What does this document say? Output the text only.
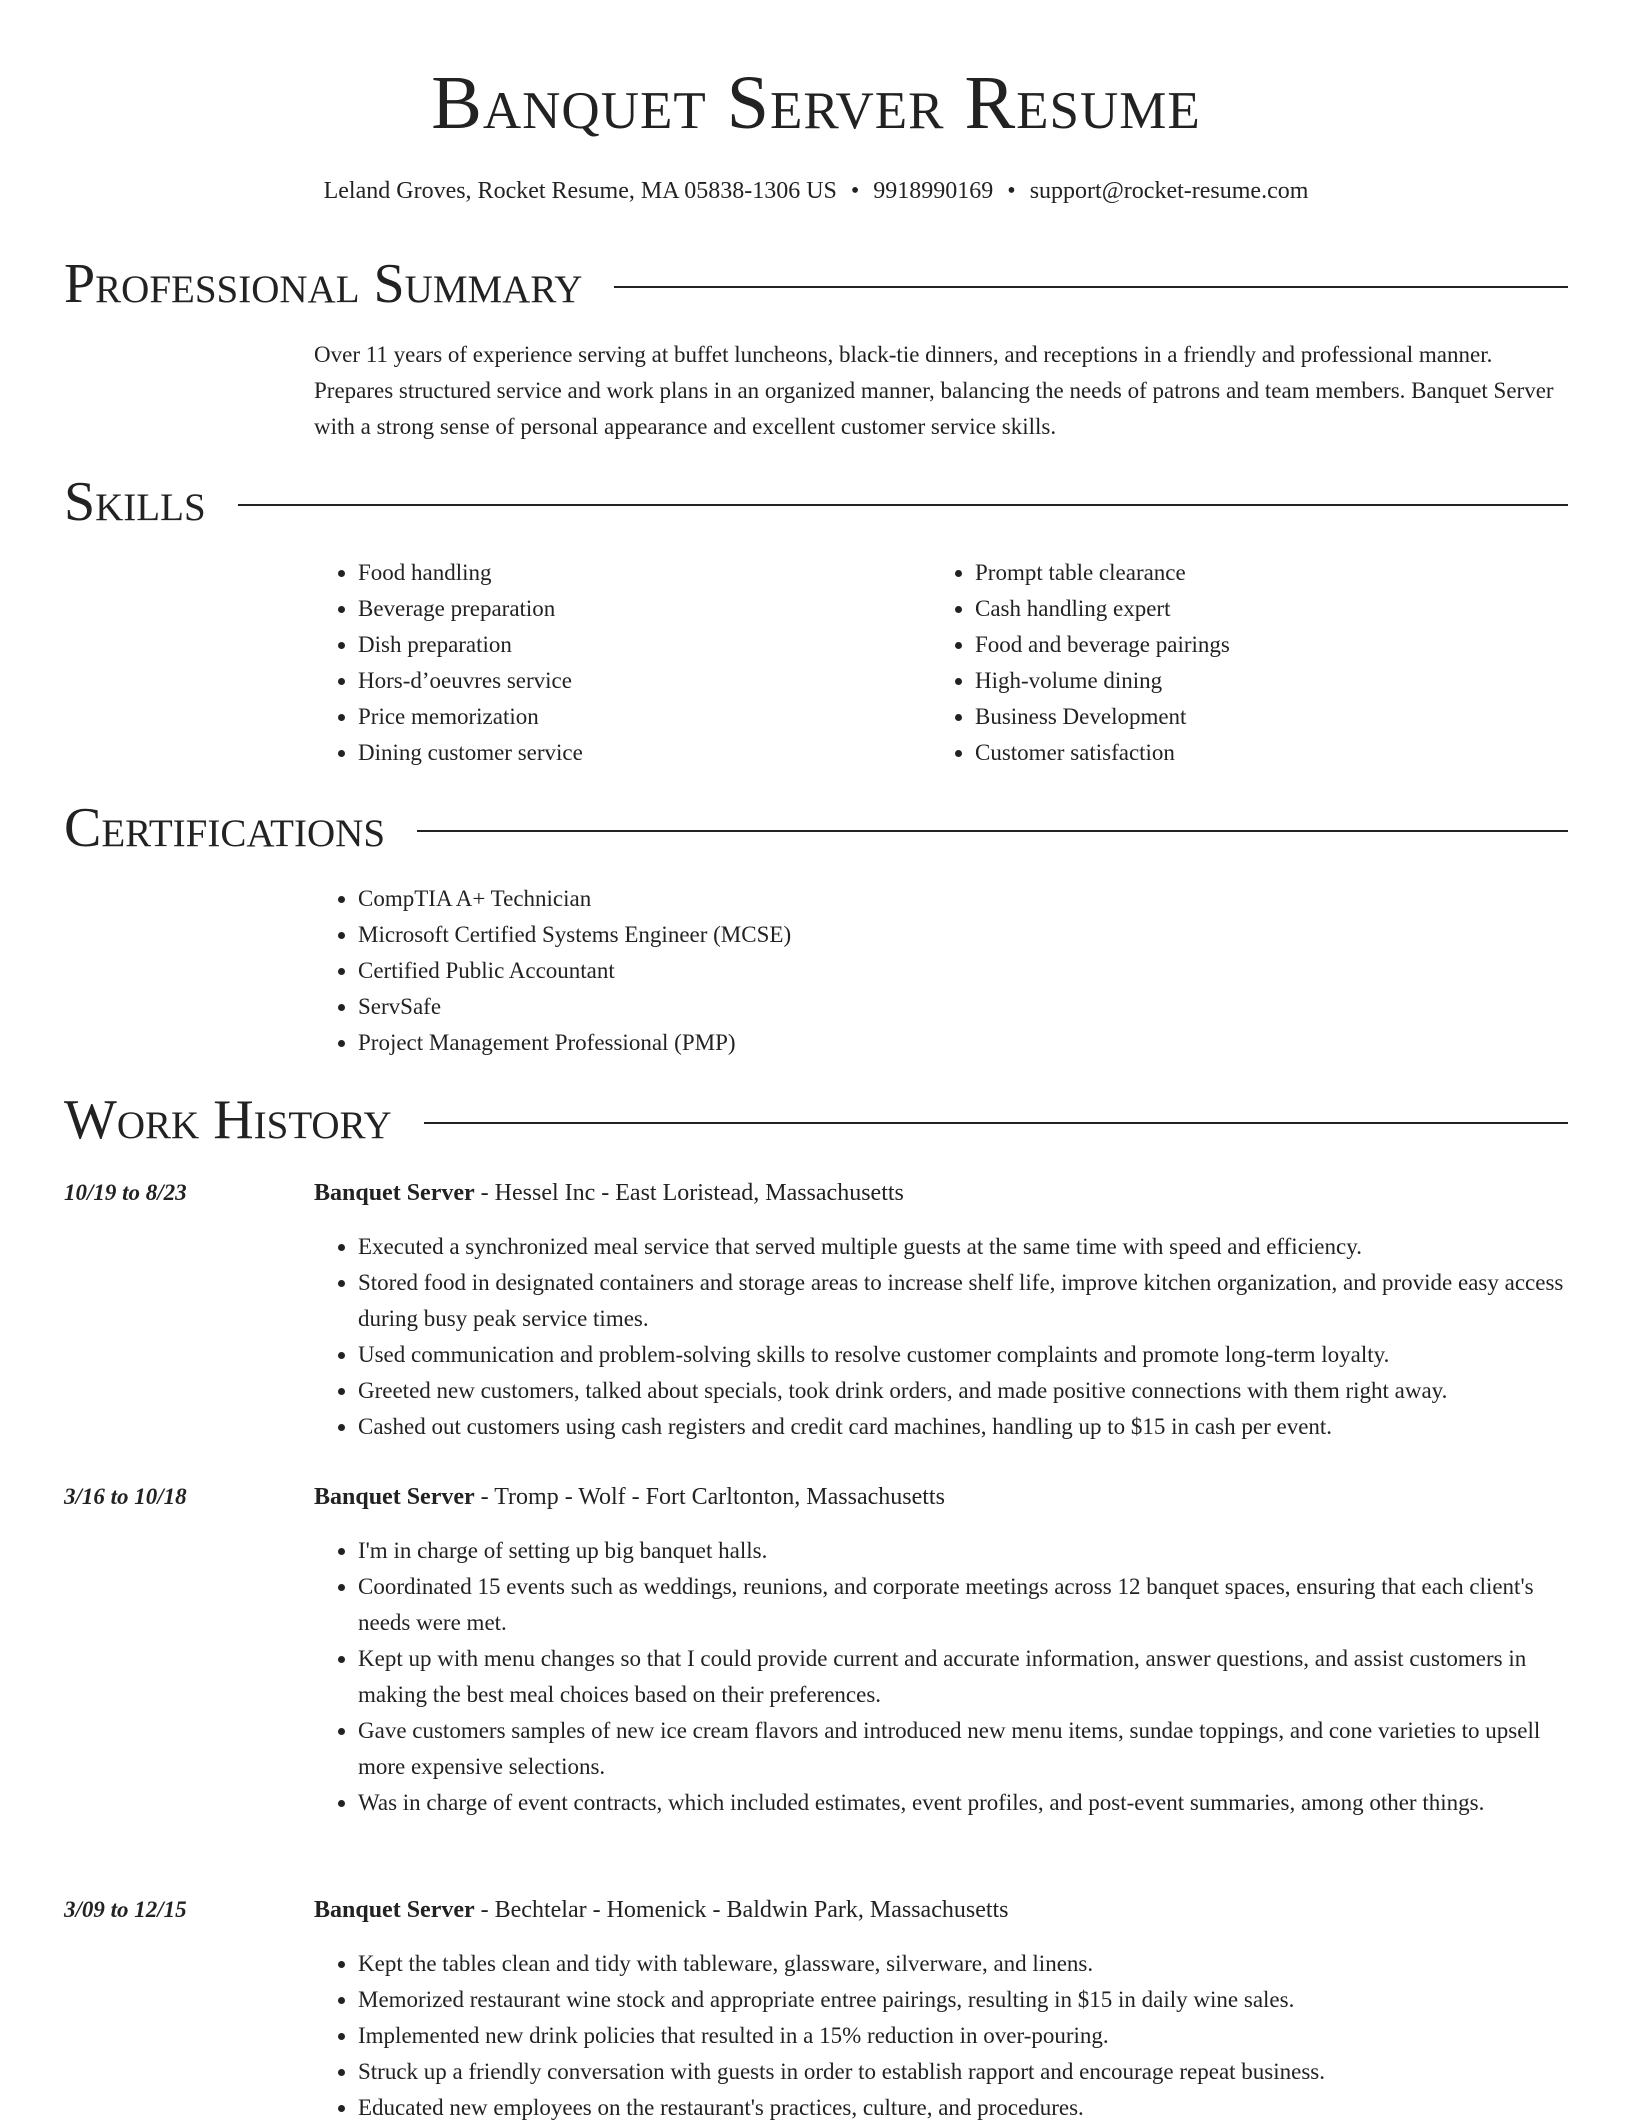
Banquet Server Resume
Leland Groves, Rocket Resume, MA 05838-1306 US • 9918990169 • support@rocket-resume.com
Professional Summary
Over 11 years of experience serving at buffet luncheons, black-tie dinners, and receptions in a friendly and professional manner. Prepares structured service and work plans in an organized manner, balancing the needs of patrons and team members. Banquet Server with a strong sense of personal appearance and excellent customer service skills.
Skills
• Food handling
• Beverage preparation
• Dish preparation
• Hors-d’oeuvres service
• Price memorization
• Dining customer service
• Prompt table clearance
• Cash handling expert
• Food and beverage pairings
• High-volume dining
• Business Development
• Customer satisfaction
Certifications
• CompTIA A+ Technician
• Microsoft Certified Systems Engineer (MCSE)
• Certified Public Accountant
• ServSafe
• Project Management Professional (PMP)
Work History
10/19 to 8/23	Banquet Server - Hessel Inc - East Loristead, Massachusetts
• Executed a synchronized meal service that served multiple guests at the same time with speed and efficiency.
• Stored food in designated containers and storage areas to increase shelf life, improve kitchen organization, and provide easy access during busy peak service times.
• Used communication and problem-solving skills to resolve customer complaints and promote long-term loyalty.
• Greeted new customers, talked about specials, took drink orders, and made positive connections with them right away.
• Cashed out customers using cash registers and credit card machines, handling up to $15 in cash per event.
3/16 to 10/18	Banquet Server - Tromp - Wolf - Fort Carltonton, Massachusetts
• I'm in charge of setting up big banquet halls.
• Coordinated 15 events such as weddings, reunions, and corporate meetings across 12 banquet spaces, ensuring that each client's needs were met.
• Kept up with menu changes so that I could provide current and accurate information, answer questions, and assist customers in making the best meal choices based on their preferences.
• Gave customers samples of new ice cream flavors and introduced new menu items, sundae toppings, and cone varieties to upsell more expensive selections.
• Was in charge of event contracts, which included estimates, event profiles, and post-event summaries, among other things.
3/09 to 12/15	Banquet Server - Bechtelar - Homenick - Baldwin Park, Massachusetts
• Kept the tables clean and tidy with tableware, glassware, silverware, and linens.
• Memorized restaurant wine stock and appropriate entree pairings, resulting in $15 in daily wine sales.
• Implemented new drink policies that resulted in a 15% reduction in over-pouring.
• Struck up a friendly conversation with guests in order to establish rapport and encourage repeat business.
• Educated new employees on the restaurant's practices, culture, and procedures.
